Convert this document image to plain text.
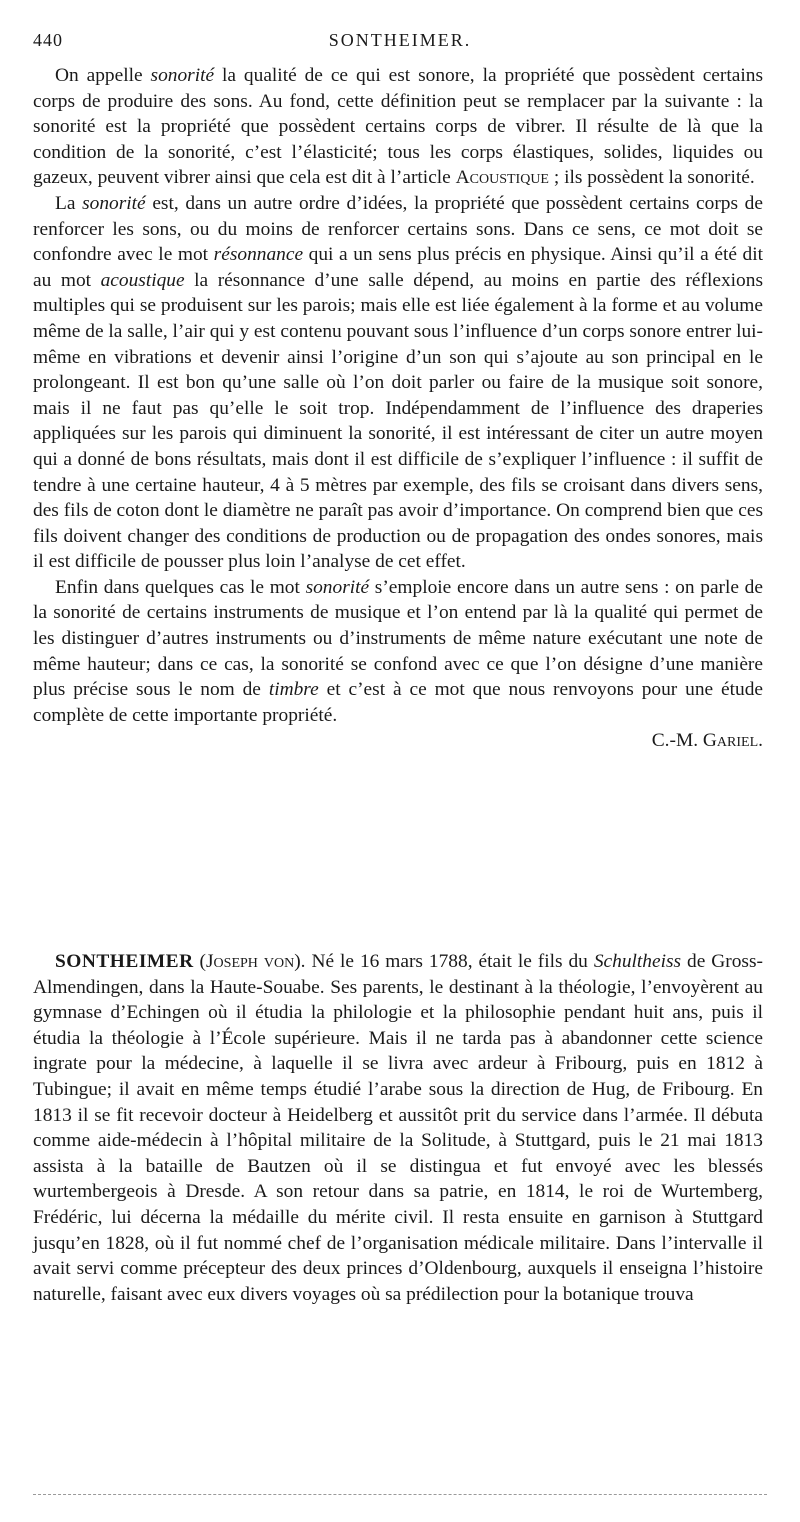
440	SONTHEIMER.

On appelle sonorité la qualité de ce qui est sonore, la propriété que possèdent certains corps de produire des sons. Au fond, cette définition peut se remplacer par la suivante : la sonorité est la propriété que possèdent certains corps de vibrer. Il résulte de là que la condition de la sonorité, c’est l’élasticité; tous les corps élastiques, solides, liquides ou gazeux, peuvent vibrer ainsi que cela est dit à l’article Acoustique ; ils possèdent la sonorité.

La sonorité est, dans un autre ordre d’idées, la propriété que possèdent certains corps de renforcer les sons, ou du moins de renforcer certains sons. Dans ce sens, ce mot doit se confondre avec le mot résonnance qui a un sens plus précis en physique. Ainsi qu’il a été dit au mot acoustique la résonnance d’une salle dépend, au moins en partie des réflexions multiples qui se produisent sur les parois; mais elle est liée également à la forme et au volume même de la salle, l’air qui y est contenu pouvant sous l’influence d’un corps sonore entrer lui-même en vibrations et devenir ainsi l’origine d’un son qui s’ajoute au son principal en le prolongeant. Il est bon qu’une salle où l’on doit parler ou faire de la musique soit sonore, mais il ne faut pas qu’elle le soit trop. Indépendamment de l’influence des draperies appliquées sur les parois qui diminuent la sonorité, il est intéressant de citer un autre moyen qui a donné de bons résultats, mais dont il est difficile de s’expliquer l’influence : il suffit de tendre à une certaine hauteur, 4 à 5 mètres par exemple, des fils se croisant dans divers sens, des fils de coton dont le diamètre ne paraît pas avoir d’importance. On comprend bien que ces fils doivent changer des conditions de production ou de propagation des ondes sonores, mais il est difficile de pousser plus loin l’analyse de cet effet.

Enfin dans quelques cas le mot sonorité s’emploie encore dans un autre sens : on parle de la sonorité de certains instruments de musique et l’on entend par là la qualité qui permet de les distinguer d’autres instruments ou d’instruments de même nature exécutant une note de même hauteur; dans ce cas, la sonorité se confond avec ce que l’on désigne d’une manière plus précise sous le nom de timbre et c’est à ce mot que nous renvoyons pour une étude complète de cette importante propriété.

C.-M. Gariel.

SONTHEIMER (Joseph von). Né le 16 mars 1788, était le fils du Schultheiss de Gross-Almendingen, dans la Haute-Souabe. Ses parents, le destinant à la théologie, l’envoyèrent au gymnase d’Echingen où il étudia la philologie et la philosophie pendant huit ans, puis il étudia la théologie à l’École supérieure. Mais il ne tarda pas à abandonner cette science ingrate pour la médecine, à laquelle il se livra avec ardeur à Fribourg, puis en 1812 à Tubingue; il avait en même temps étudié l’arabe sous la direction de Hug, de Fribourg. En 1813 il se fit recevoir docteur à Heidelberg et aussitôt prit du service dans l’armée. Il débuta comme aide-médecin à l’hôpital militaire de la Solitude, à Stuttgard, puis le 21 mai 1813 assista à la bataille de Bautzen où il se distingua et fut envoyé avec les blessés wurtembergeois à Dresde. A son retour dans sa patrie, en 1814, le roi de Wurtemberg, Frédéric, lui décerna la médaille du mérite civil. Il resta ensuite en garnison à Stuttgard jusqu’en 1828, où il fut nommé chef de l’organisation médicale militaire. Dans l’intervalle il avait servi comme précepteur des deux princes d’Oldenbourg, auxquels il enseigna l’histoire naturelle, faisant avec eux divers voyages où sa prédilection pour la botanique trouva
